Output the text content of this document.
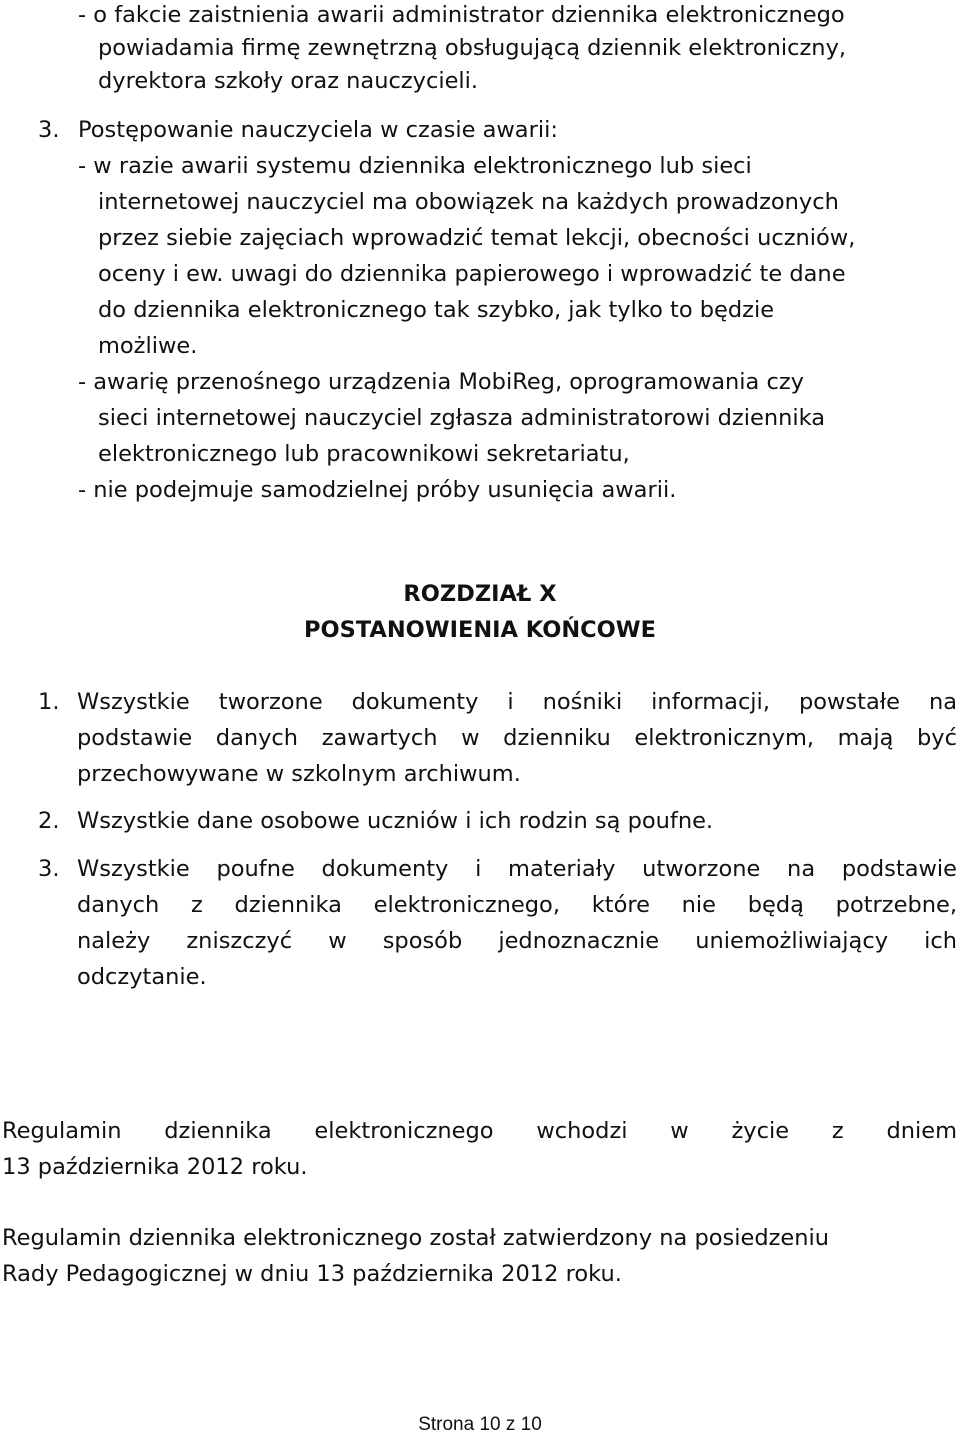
- o fakcie zaistnienia awarii administrator dziennika elektronicznego
powiadamia firmę zewnętrzną obsługującą dziennik elektroniczny,
dyrektora szkoły oraz nauczycieli.
3. Postępowanie nauczyciela w czasie awarii:
- w razie awarii systemu dziennika elektronicznego lub sieci
internetowej nauczyciel ma obowiązek na każdych prowadzonych
przez siebie zajęciach wprowadzić temat lekcji, obecności uczniów,
oceny i ew. uwagi do dziennika papierowego i wprowadzić te dane
do dziennika elektronicznego tak szybko, jak tylko to będzie
możliwe.
- awarię przenośnego urządzenia MobiReg, oprogramowania czy
sieci internetowej nauczyciel zgłasza administratorowi dziennika
elektronicznego lub pracownikowi sekretariatu,
- nie podejmuje samodzielnej próby usunięcia awarii.
ROZDZIAŁ X
POSTANOWIENIA KOŃCOWE
1. Wszystkie tworzone dokumenty i nośniki informacji, powstałe na
podstawie danych zawartych w dzienniku elektronicznym, mają być
przechowywane w szkolnym archiwum.
2. Wszystkie dane osobowe uczniów i ich rodzin są poufne.
3. Wszystkie poufne dokumenty i materiały utworzone na podstawie
danych z dziennika elektronicznego, które nie będą potrzebne,
należy zniszczyć w sposób jednoznacznie uniemożliwiający ich
odczytanie.
Regulamin dziennika elektronicznego wchodzi w życie z dniem
13 października 2012 roku.
Regulamin dziennika elektronicznego został zatwierdzony na posiedzeniu
Rady Pedagogicznej w dniu 13 października 2012 roku.
Strona 10 z 10
